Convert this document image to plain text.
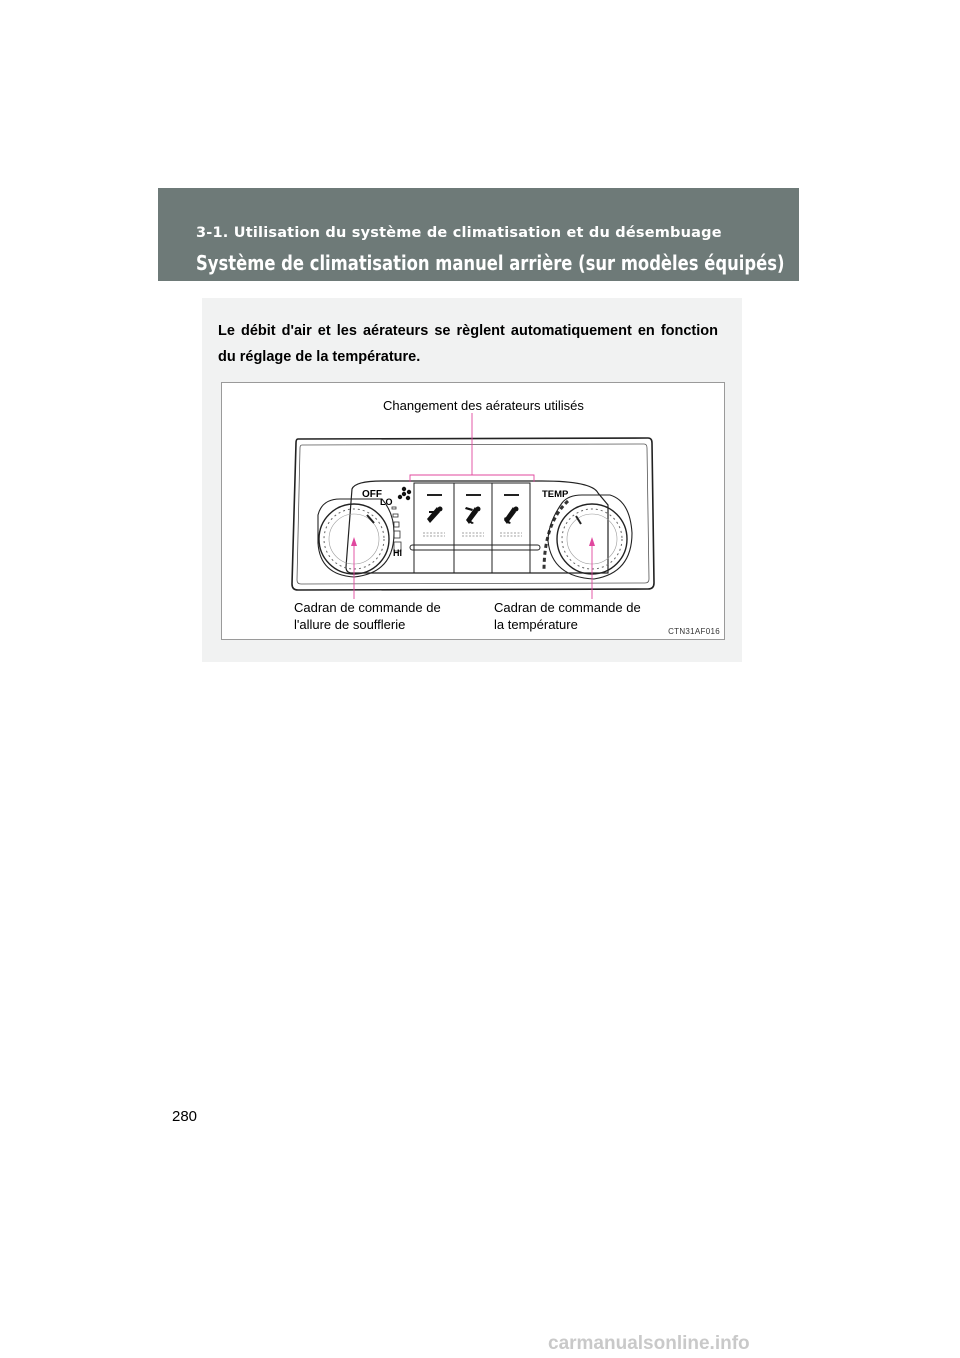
3-1. Utilisation du système de climatisation et du désembuage
Système de climatisation manuel arrière (sur modèles équipés)
Le débit d'air et les aérateurs se règlent automatiquement en fonction du réglage de la température.
OFF
LO
HI
TEMP
Changement des aérateurs utilisés
Cadran de commande de
l'allure de soufflerie
Cadran de commande de
la température	CTN31AF016
280
carmanualsonline.info
